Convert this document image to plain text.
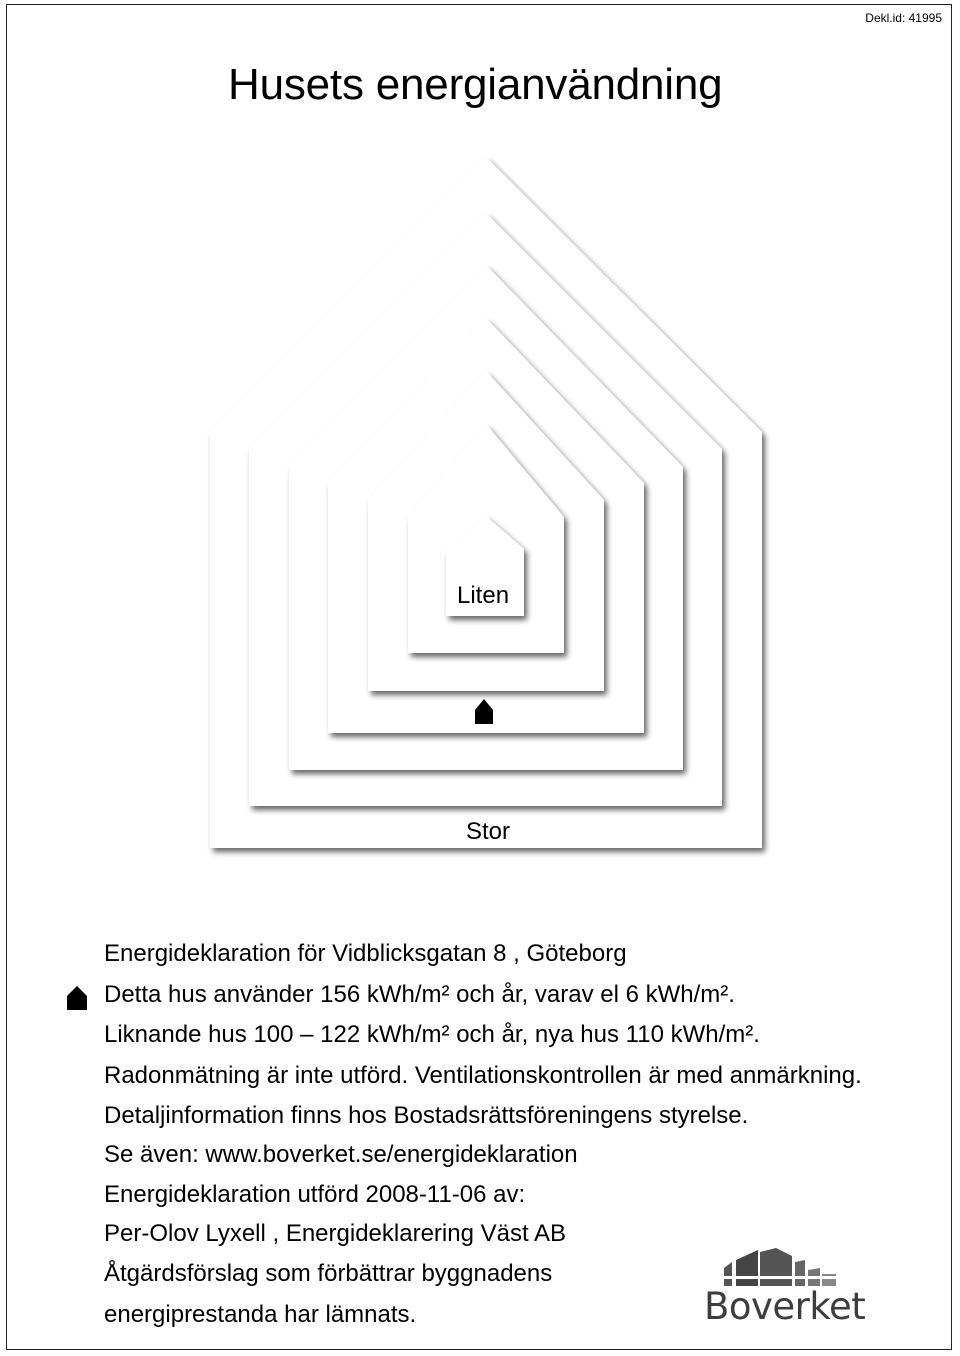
Dekl.id: 41995
Husets energianvändning
Liten
Stor
Energideklaration för Vidblicksgatan 8 , Göteborg
Detta hus använder 156 kWh/m² och år, varav el 6 kWh/m².
Liknande hus 100 – 122 kWh/m² och år, nya hus 110 kWh/m².
Radonmätning är inte utförd. Ventilationskontrollen är med anmärkning.
Detaljinformation finns hos Bostadsrättsföreningens styrelse.
Se även: www.boverket.se/energideklaration
Energideklaration utförd 2008-11-06 av:
Per-Olov Lyxell , Energideklarering Väst AB
Åtgärdsförslag som förbättrar byggnadens
energiprestanda har lämnats.	Boverket
